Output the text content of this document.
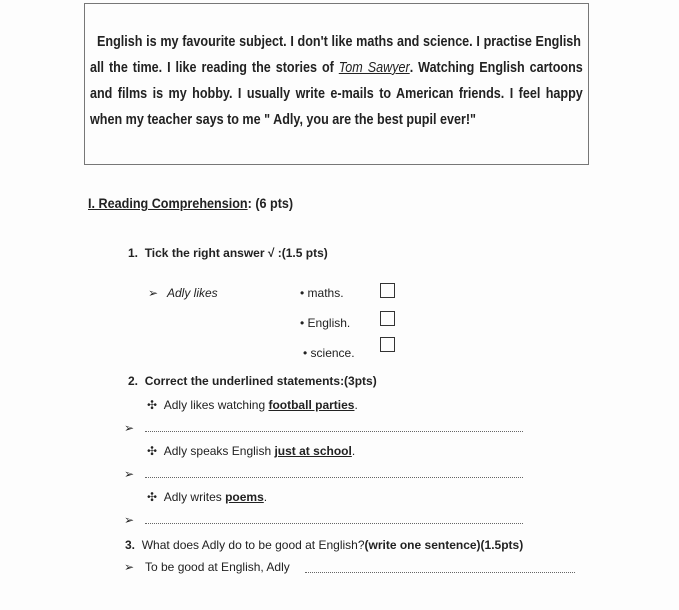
English is my favourite subject. I don't like maths and science. I practise English
all the time. I like reading the stories of Tom Sawyer. Watching English cartoons
and films is my hobby. I usually write e-mails to American friends. I feel happy
when my teacher says to me " Adly, you are the best pupil ever!"
I. Reading Comprehension: (6 pts)
1. Tick the right answer √ :(1.5 pts)
➢ Adly likes	• maths.
• English.
• science.
2. Correct the underlined statements:(3pts)
✣  Adly likes watching football parties.
➢
✣  Adly speaks English just at school.
➢
✣  Adly writes poems.
➢
3. What does Adly do to be good at English?(write one sentence)(1.5pts)
➢ To be good at English, Adly
